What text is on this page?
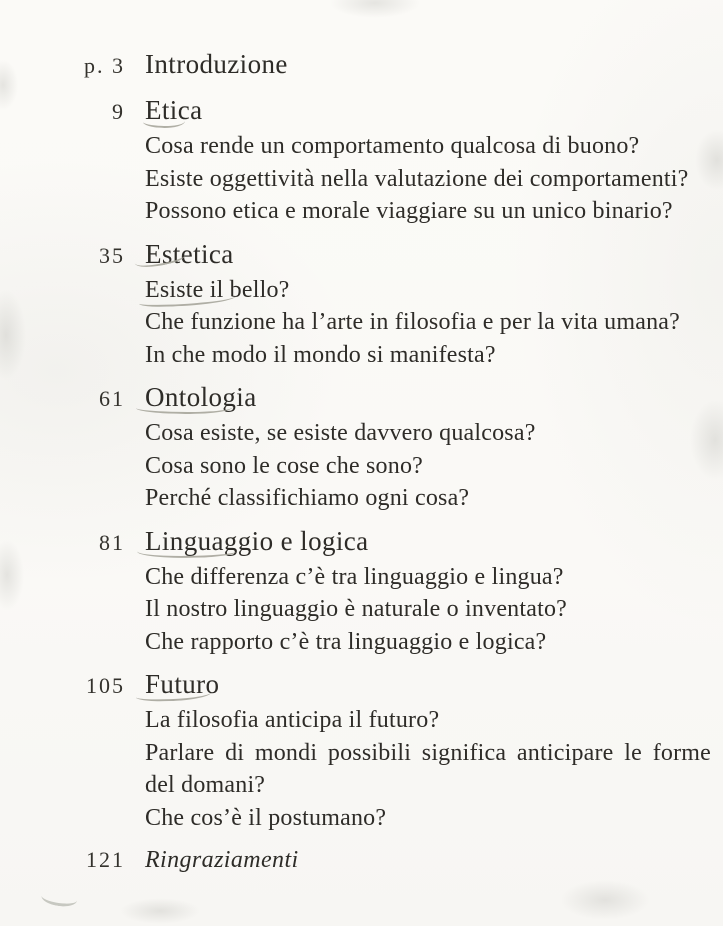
p. 3 Introduzione
9 Etica
Cosa rende un comportamento qualcosa di buono?
Esiste oggettività nella valutazione dei comportamenti?
Possono etica e morale viaggiare su un unico binario?
35 Estetica
Esiste il bello?
Che funzione ha l’arte in filosofia e per la vita umana?
In che modo il mondo si manifesta?
61 Ontologia
Cosa esiste, se esiste davvero qualcosa?
Cosa sono le cose che sono?
Perché classifichiamo ogni cosa?
81 Linguaggio e logica
Che differenza c’è tra linguaggio e lingua?
Il nostro linguaggio è naturale o inventato?
Che rapporto c’è tra linguaggio e logica?
105 Futuro
La filosofia anticipa il futuro?
Parlare di mondi possibili significa anticipare le forme del domani?
Che cos’è il postumano?
121 Ringraziamenti
